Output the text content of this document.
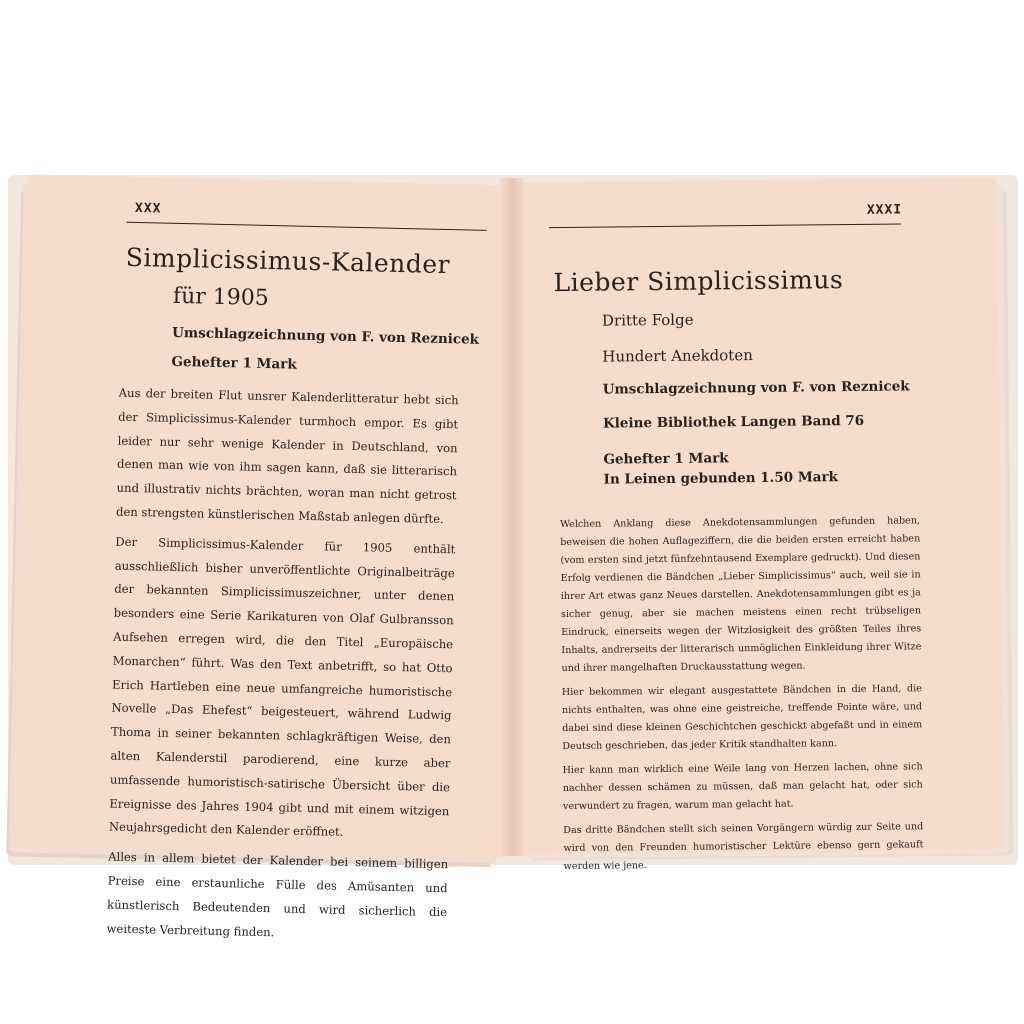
XXX
Simplicissimus-Kalender
für 1905
Umschlagzeichnung von F. von Reznicek
Gehefter 1 Mark

Aus der breiten Flut unsrer Kalenderlitteratur hebt sich der Simplicissimus-Kalender turmhoch empor. Es gibt leider nur sehr wenige Kalender in Deutschland, von denen man wie von ihm sagen kann, daß sie litterarisch und illustrativ nichts brächten, woran man nicht getrost den strengsten künstlerischen Maßstab anlegen dürfte.

Der Simplicissimus-Kalender für 1905 enthält ausschließlich bisher unveröffentlichte Originalbeiträge der bekannten Simplicissimuszeichner, unter denen besonders eine Serie Karikaturen von Olaf Gulbransson Aufsehen erregen wird, die den Titel „Europäische Monarchen“ führt. Was den Text anbetrifft, so hat Otto Erich Hartleben eine neue umfangreiche humoristische Novelle „Das Ehefest“ beigesteuert, während Ludwig Thoma in seiner bekannten schlagkräftigen Weise, den alten Kalenderstil parodierend, eine kurze aber umfassende humoristisch-satirische Übersicht über die Ereignisse des Jahres 1904 gibt und mit einem witzigen Neujahrsgedicht den Kalender eröffnet.

Alles in allem bietet der Kalender bei seinem billigen Preise eine erstaunliche Fülle des Amüsanten und künstlerisch Bedeutenden und wird sicherlich die weiteste Verbreitung finden.

XXXI
Lieber Simplicissimus
Dritte Folge
Hundert Anekdoten
Umschlagzeichnung von F. von Reznicek
Kleine Bibliothek Langen Band 76
Gehefter 1 Mark
In Leinen gebunden 1.50 Mark

Welchen Anklang diese Anekdotensammlungen gefunden haben, beweisen die hohen Auflageziffern, die die beiden ersten erreicht haben (vom ersten sind jetzt fünfzehntausend Exemplare gedruckt). Und diesen Erfolg verdienen die Bändchen „Lieber Simplicissimus“ auch, weil sie in ihrer Art etwas ganz Neues darstellen. Anekdotensammlungen gibt es ja sicher genug, aber sie machen meistens einen recht trübseligen Eindruck, einerseits wegen der Witzlosigkeit des größten Teiles ihres Inhalts, andrerseits der litterarisch unmöglichen Einkleidung ihrer Witze und ihrer mangelhaften Druckausstattung wegen.

Hier bekommen wir elegant ausgestattete Bändchen in die Hand, die nichts enthalten, was ohne eine geistreiche, treffende Pointe wäre, und dabei sind diese kleinen Geschichtchen geschickt abgefaßt und in einem Deutsch geschrieben, das jeder Kritik standhalten kann.

Hier kann man wirklich eine Weile lang von Herzen lachen, ohne sich nachher dessen schämen zu müssen, daß man gelacht hat, oder sich verwundert zu fragen, warum man gelacht hat.

Das dritte Bändchen stellt sich seinen Vorgängern würdig zur Seite und wird von den Freunden humoristischer Lektüre ebenso gern gekauft werden wie jene.
